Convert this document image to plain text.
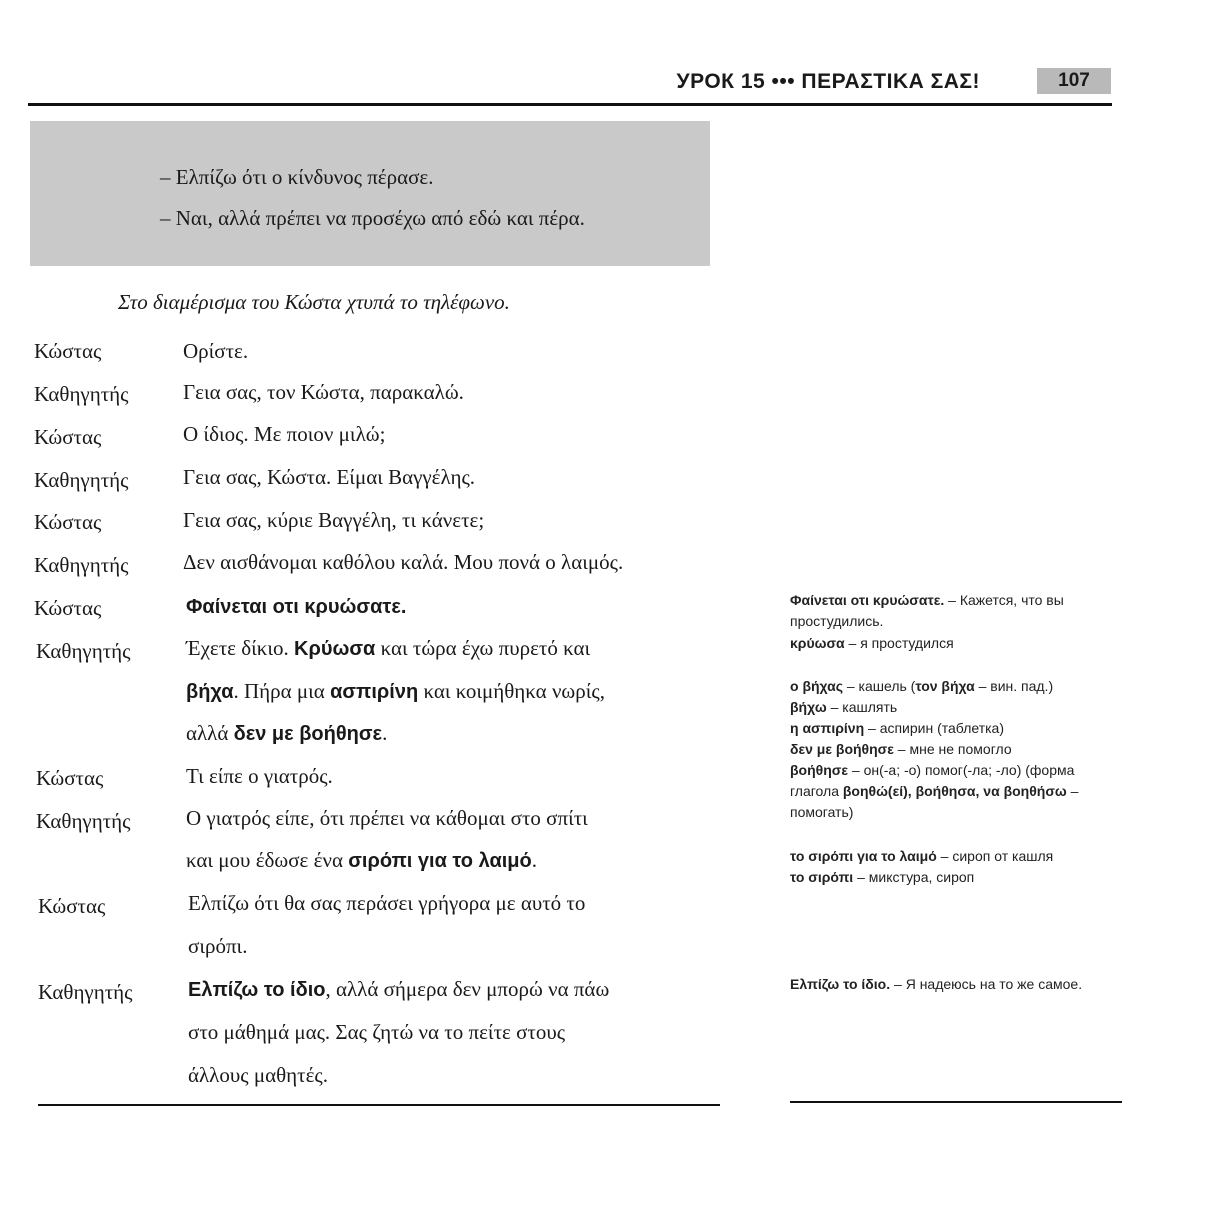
УРОК 15 ••• ΠΕΡΑΣΤΙΚΑ ΣΑΣ!	107
– Ελπίζω ότι ο κίνδυνος πέρασε.
– Ναι, αλλά πρέπει να προσέχω από εδώ και πέρα.
Στο διαμέρισμα του Κώστα χτυπά το τηλέφωνο.
Κώστας	Ορίστε.
Καθηγητής	Γεια σας, τον Κώστα, παρακαλώ.
Κώστας	Ο ίδιος. Με ποιον μιλώ;
Καθηγητής	Γεια σας, Κώστα. Είμαι Βαγγέλης.
Κώστας	Γεια σας, κύριε Βαγγέλη, τι κάνετε;
Καθηγητής	Δεν αισθάνομαι καθόλου καλά. Μου πονά ο λαιμός.
Κώστας	Φαίνεται οτι κρυώσατε.
Καθηγητής	Έχετε δίκιο. Κρύωσα και τώρα έχω πυρετό και
βήχα. Πήρα μια ασπιρίνη και κοιμήθηκα νωρίς,
αλλά δεν με βοήθησε.
Κώστας	Τι είπε ο γιατρός.
Καθηγητής	Ο γιατρός είπε, ότι πρέπει να κάθομαι στο σπίτι
και μου έδωσε ένα σιρόπι για το λαιμό.
Κώστας	Ελπίζω ότι θα σας περάσει γρήγορα με αυτό το
σιρόπι.
Καθηγητής	Ελπίζω το ίδιο, αλλά σήμερα δεν μπορώ να πάω
στο μάθημά μας. Σας ζητώ να το πείτε στους
άλλους μαθητές.
Φαίνεται οτι κρυώσατε. – Кажется, что вы простудились.
κρύωσα – я простудился
ο βήχας – кашель (τον βήχα – вин. пад.)
βήχω – кашлять
η ασπιρίνη – аспирин (таблетка)
δεν με βοήθησε – мне не помогло
βοήθησε – он(-а; -о) помог(-ла; -ло) (форма глагола βοηθώ(εί), βοήθησα, να βοηθήσω – помогать)
το σιρόπι για το λαιμό – сироп от кашля
το σιρόπι – микстура, сироп
Ελπίζω το ίδιο. – Я надеюсь на то же самое.
